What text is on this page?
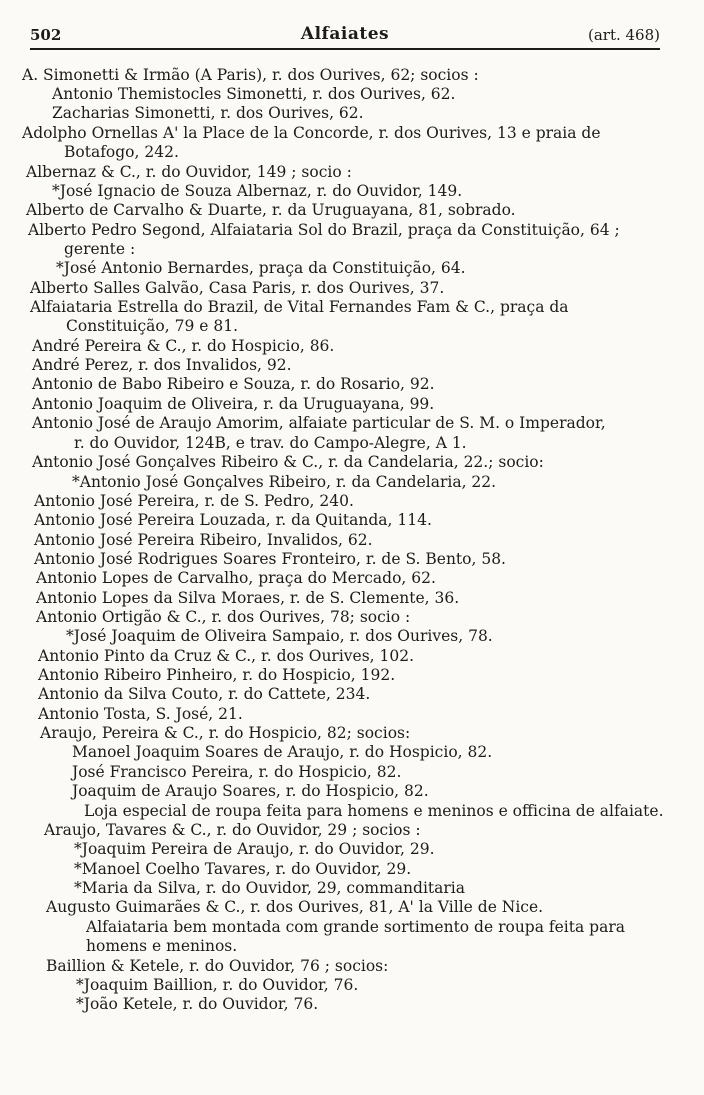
502	Alfaiates	(art. 468)
A. Simonetti & Irmão (A Paris), r. dos Ourives, 62; socios :
Antonio Themistocles Simonetti, r. dos Ourives, 62.
Zacharias Simonetti, r. dos Ourives, 62.
Adolpho Ornellas A' la Place de la Concorde, r. dos Ourives, 13 e praia de
Botafogo, 242.
Albernaz & C., r. do Ouvidor, 149 ; socio :
*José Ignacio de Souza Albernaz, r. do Ouvidor, 149.
Alberto de Carvalho & Duarte, r. da Uruguayana, 81, sobrado.
Alberto Pedro Segond, Alfaiataria Sol do Brazil, praça da Constituição, 64 ;
gerente :
*José Antonio Bernardes, praça da Constituição, 64.
Alberto Salles Galvão, Casa Paris, r. dos Ourives, 37.
Alfaiataria Estrella do Brazil, de Vital Fernandes Fam & C., praça da
Constituição, 79 e 81.
André Pereira & C., r. do Hospicio, 86.
André Perez, r. dos Invalidos, 92.
Antonio de Babo Ribeiro e Souza, r. do Rosario, 92.
Antonio Joaquim de Oliveira, r. da Uruguayana, 99.
Antonio José de Araujo Amorim, alfaiate particular de S. M. o Imperador,
r. do Ouvidor, 124B, e trav. do Campo-Alegre, A 1.
Antonio José Gonçalves Ribeiro & C., r. da Candelaria, 22.; socio:
*Antonio José Gonçalves Ribeiro, r. da Candelaria, 22.
Antonio José Pereira, r. de S. Pedro, 240.
Antonio José Pereira Louzada, r. da Quitanda, 114.
Antonio José Pereira Ribeiro, Invalidos, 62.
Antonio José Rodrigues Soares Fronteiro, r. de S. Bento, 58.
Antonio Lopes de Carvalho, praça do Mercado, 62.
Antonio Lopes da Silva Moraes, r. de S. Clemente, 36.
Antonio Ortigão & C., r. dos Ourives, 78; socio :
*José Joaquim de Oliveira Sampaio, r. dos Ourives, 78.
Antonio Pinto da Cruz & C., r. dos Ourives, 102.
Antonio Ribeiro Pinheiro, r. do Hospicio, 192.
Antonio da Silva Couto, r. do Cattete, 234.
Antonio Tosta, S. José, 21.
Araujo, Pereira & C., r. do Hospicio, 82; socios:
Manoel Joaquim Soares de Araujo, r. do Hospicio, 82.
José Francisco Pereira, r. do Hospicio, 82.
Joaquim de Araujo Soares, r. do Hospicio, 82.
Loja especial de roupa feita para homens e meninos e officina de alfaiate.
Araujo, Tavares & C., r. do Ouvidor, 29 ; socios :
*Joaquim Pereira de Araujo, r. do Ouvidor, 29.
*Manoel Coelho Tavares, r. do Ouvidor, 29.
*Maria da Silva, r. do Ouvidor, 29, commanditaria
Augusto Guimarães & C., r. dos Ourives, 81, A' la Ville de Nice.
Alfaiataria bem montada com grande sortimento de roupa feita para
homens e meninos.
Baillion & Ketele, r. do Ouvidor, 76 ; socios:
*Joaquim Baillion, r. do Ouvidor, 76.
*João Ketele, r. do Ouvidor, 76.
